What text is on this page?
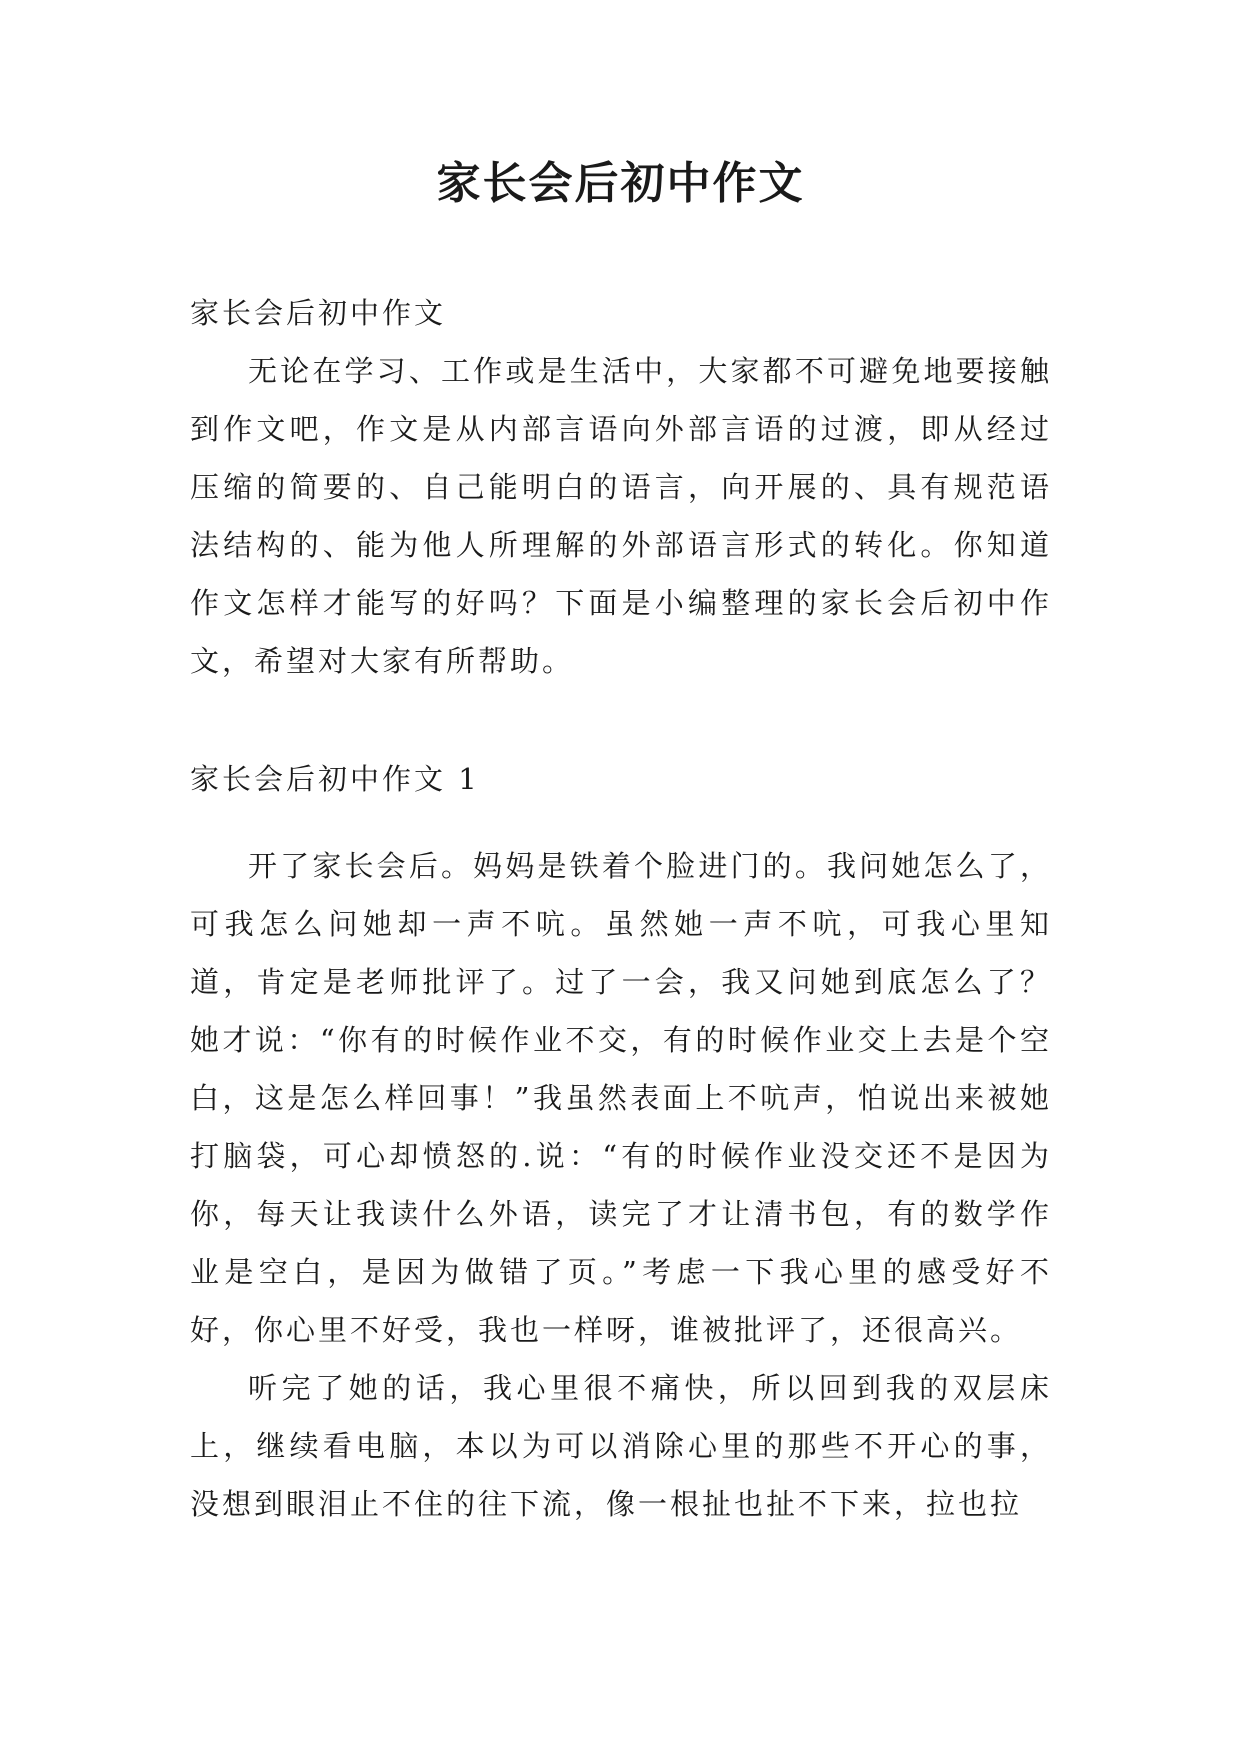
家长会后初中作文

家长会后初中作文

无论在学习、工作或是生活中，大家都不可避免地要接触到作文吧，作文是从内部言语向外部言语的过渡，即从经过压缩的简要的、自己能明白的语言，向开展的、具有规范语法结构的、能为他人所理解的外部语言形式的转化。你知道作文怎样才能写的好吗？下面是小编整理的家长会后初中作文，希望对大家有所帮助。

家长会后初中作文 1

开了家长会后。妈妈是铁着个脸进门的。我问她怎么了，可我怎么问她却一声不吭。虽然她一声不吭，可我心里知道，肯定是老师批评了。过了一会，我又问她到底怎么了？她才说：“你有的时候作业不交，有的时候作业交上去是个空白，这是怎么样回事！”我虽然表面上不吭声，怕说出来被她打脑袋，可心却愤怒的.说：“有的时候作业没交还不是因为你，每天让我读什么外语，读完了才让清书包，有的数学作业是空白，是因为做错了页。”考虑一下我心里的感受好不好，你心里不好受，我也一样呀，谁被批评了，还很高兴。

听完了她的话，我心里很不痛快，所以回到我的双层床上，继续看电脑，本以为可以消除心里的那些不开心的事，没想到眼泪止不住的往下流，像一根扯也扯不下来，拉也拉
